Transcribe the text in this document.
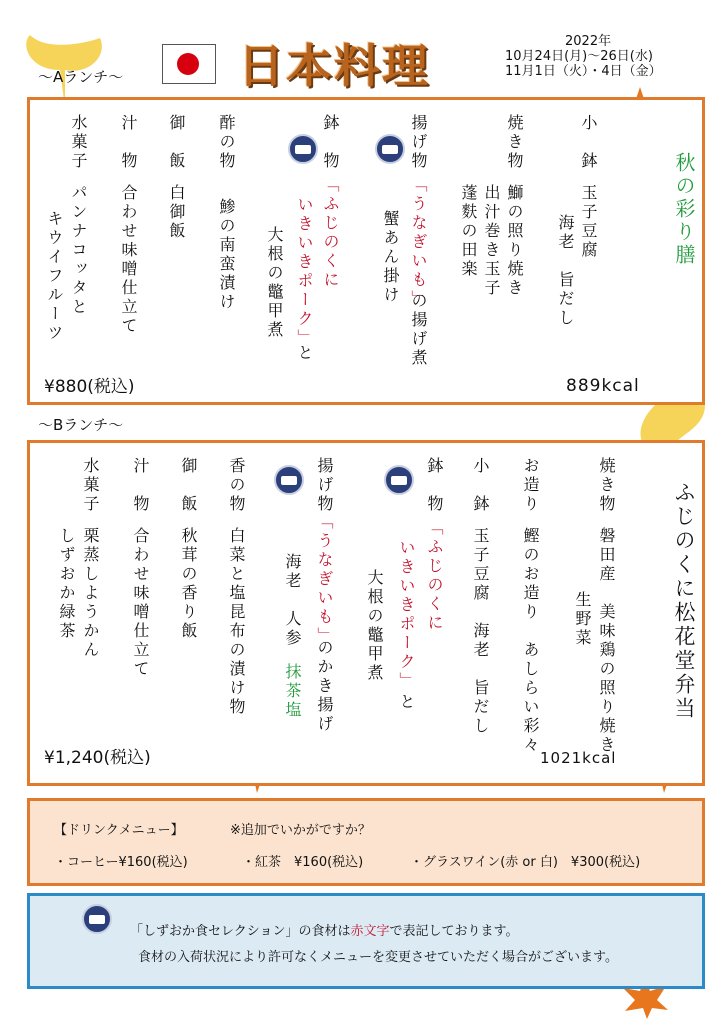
〜Aランチ〜 日本料理	2022年
10月24日(月)〜26日(水)
11月1日（火）・4日（金）
秋の彩り膳
小　鉢
玉子豆腐
海老　旨だし
焼き物
鰤の照り焼き
出汁巻き玉子
蓬麩の田楽
揚げ物
「うなぎいも」
の揚げ煮
蟹あん掛け
鉢　物
「ふじのくに
いきいきポーク」
と
大根の鼈甲煮
酢の物
鯵の南蛮漬け
御　飯
白御飯
汁　物
合わせ味噌仕立て
水菓子
パンナコッタと
キウイフルーツ
¥880(税込)	889kcal
〜Bランチ〜
ふじのくに松花堂弁当
焼き物
磐田産　美味鶏の照り焼き
生野菜
お造り
鰹のお造り　あしらい彩々
小　鉢
玉子豆腐　海老　旨だし
鉢　物
「ふじのくに
いきいきポーク」
と
大根の鼈甲煮
揚げ物
「うなぎいも」
のかき揚げ
海老　人参
抹茶塩
香の物
白菜と塩昆布の漬け物
御　飯
秋茸の香り飯
汁　物
合わせ味噌仕立て
水菓子
栗蒸しようかん
しずおか緑茶
¥1,240(税込)	1021kcal
【ドリンクメニュー】	※追加でいかがですか？
・コーヒー¥160(税込)	・紅茶　¥160(税込)	・グラスワイン(赤 or 白)　¥300(税込)
「しずおか食セレクション」の食材は赤文字で表記しております。
食材の入荷状況により許可なくメニューを変更させていただく場合がございます。
